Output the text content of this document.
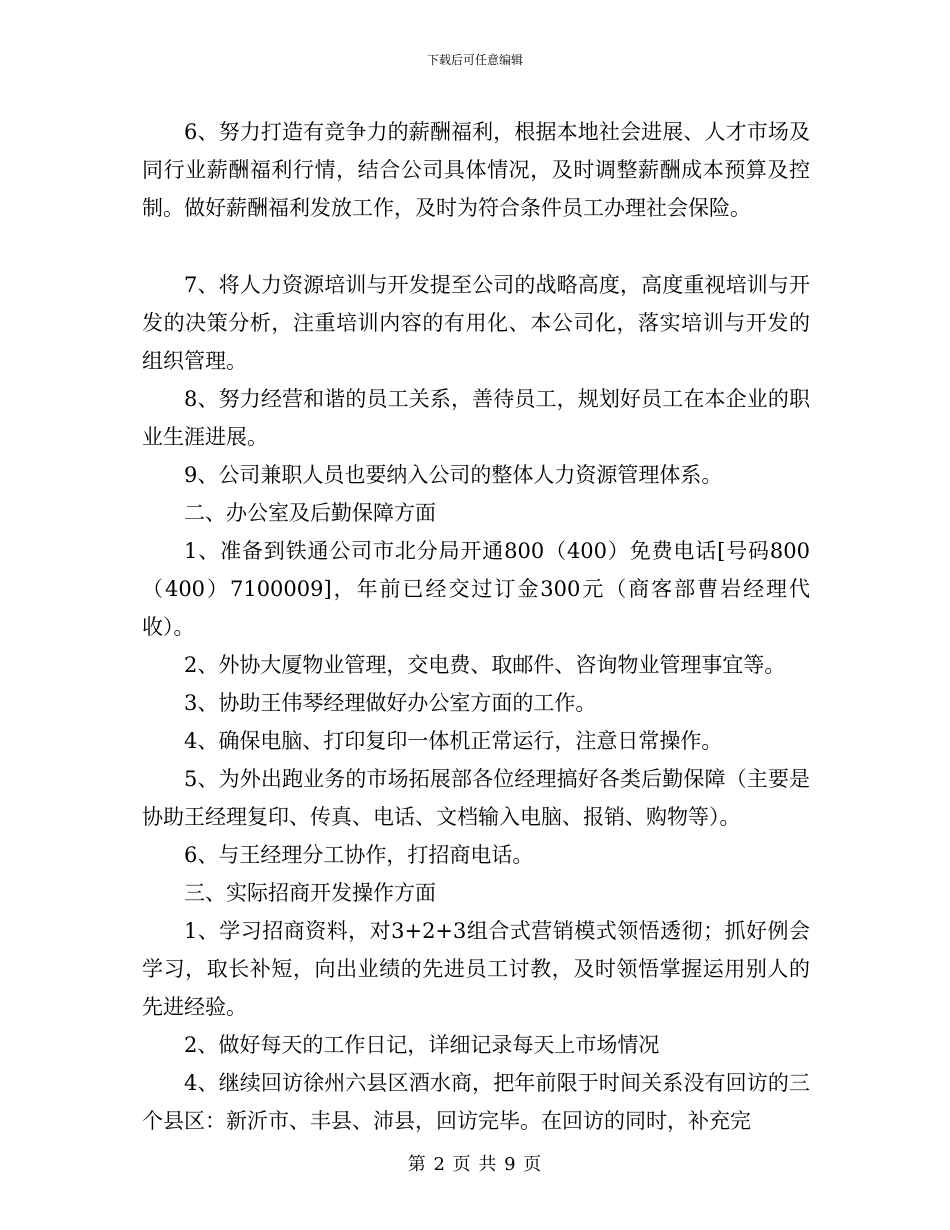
下载后可任意编辑

6、努力打造有竞争力的薪酬福利，根据本地社会进展、人才市场及同行业薪酬福利行情，结合公司具体情况，及时调整薪酬成本预算及控制。做好薪酬福利发放工作，及时为符合条件员工办理社会保险。

7、将人力资源培训与开发提至公司的战略高度，高度重视培训与开发的决策分析，注重培训内容的有用化、本公司化，落实培训与开发的组织管理。

8、努力经营和谐的员工关系，善待员工，规划好员工在本企业的职业生涯进展。

9、公司兼职人员也要纳入公司的整体人力资源管理体系。

二、办公室及后勤保障方面

1、准备到铁通公司市北分局开通800（400）免费电话[号码800（400）7100009]，年前已经交过订金300元（商客部曹岩经理代收）。

2、外协大厦物业管理，交电费、取邮件、咨询物业管理事宜等。

3、协助王伟琴经理做好办公室方面的工作。

4、确保电脑、打印复印一体机正常运行，注意日常操作。

5、为外出跑业务的市场拓展部各位经理搞好各类后勤保障（主要是协助王经理复印、传真、电话、文档输入电脑、报销、购物等）。

6、与王经理分工协作，打招商电话。

三、实际招商开发操作方面

1、学习招商资料，对3+2+3组合式营销模式领悟透彻；抓好例会学习，取长补短，向出业绩的先进员工讨教，及时领悟掌握运用别人的先进经验。

2、做好每天的工作日记，详细记录每天上市场情况

4、继续回访徐州六县区酒水商，把年前限于时间关系没有回访的三个县区：新沂市、丰县、沛县，回访完毕。在回访的同时，补充完

第 2 页 共 9 页
